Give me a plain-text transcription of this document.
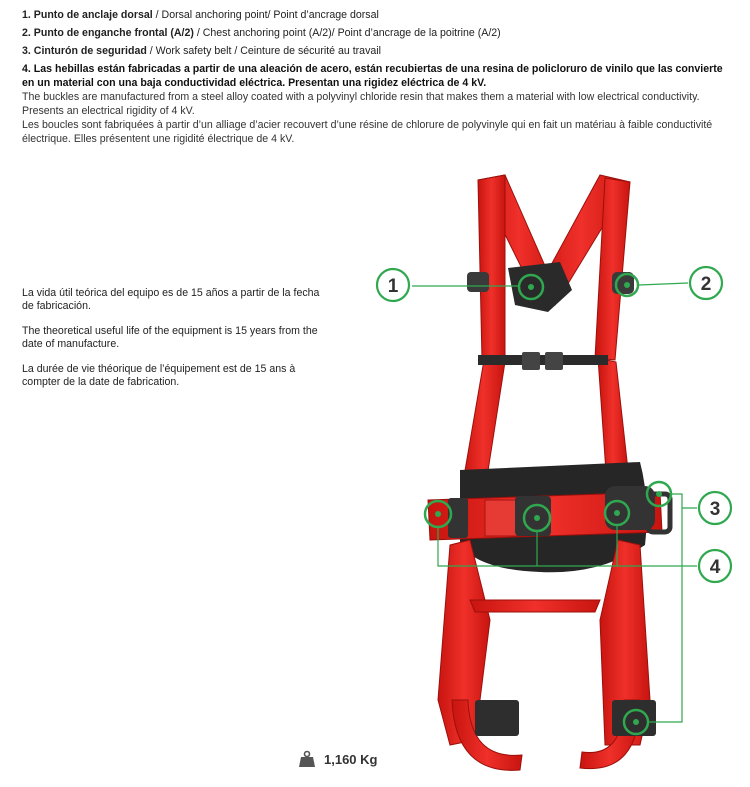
1. Punto de anclaje dorsal / Dorsal anchoring point/ Point d’ancrage dorsal
2. Punto de enganche frontal (A/2) / Chest anchoring point (A/2)/ Point d’ancrage de la poitrine (A/2)
3. Cinturón de seguridad / Work safety belt / Ceinture de sécurité au travail
4. Las hebillas están fabricadas a partir de una aleación de acero, están recubiertas de una resina de policloruro de vinilo que las convierte en un material con una baja conductividad eléctrica. Presentan una rigidez eléctrica de 4 kV.
The buckles are manufactured from a steel alloy coated with a polyvinyl chloride resin that makes them a material with low electrical conductivity. Presents an electrical rigidity of 4 kV.
Les boucles sont fabriquées à partir d’un alliage d’acier recouvert d’une résine de chlorure de polyvinyle qui en fait un matériau à faible conductivité électrique. Elles présentent une rigidité électrique de 4 kV.

La vida útil teórica del equipo es de 15 años a partir de la fecha de fabricación.

The theoretical useful life of the equipment is 15 years from the date of manufacture.

La durée de vie théorique de l’équipement est de 15 ans à compter de la date de fabrication.

1	2
3
4
1,160 Kg
